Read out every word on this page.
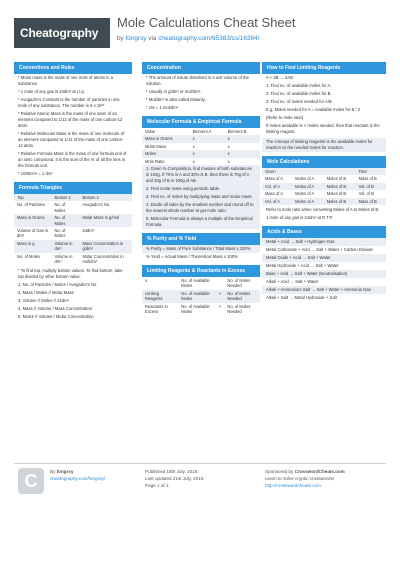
Cheatography
Mole Calculations Cheat Sheet
by fongrsy via cheatography.com/65383/cs/16384/
Conventions and Rules
* Molar mass is the mass of one mole of atoms in a substance.
* 1 mole of any gas is 24dm³ at r.t.p.
* Avogadro's Constant is the number of particles in one mole of any substance. The number is 6 x 10²³
* Relative Atomic Mass is the mass of one atom of an element compared to 1/12 of the mass of one carbon-12 atom.
* Relative Molecular Mass is the mass of one molecule of an element compared to 1/12 of the mass of one carbon-12 atom.
* Relative Formula Mass is the mass of one formula unit of an ionic compound. It is the sum of the Ar of all the ions in the formula unit.
* 1000cm³ = 1 dm³
Formula Triangles
Top	Bottom 1	Bottom 2
No. of Particles	No. of Moles	Avogadro's No.
Mass in Grams	No. of Moles	Molar Mass in g/mol
Volume of Gas in dm³	No. of Moles	24dm³
Mass in g	Volume in dm³	Mass Concentration in g/dm³
No. of Moles	Volume in dm³	Molar Concentration in mol/dm³
* To find top, multiply bottom values. To find bottom, take top divided by other bottom value.
1. No. of Particles / Moles / Avogadro's No.
2. Mass / Moles // Molar Mass
3. Volume // Moles // 24dm³
4. Mass // Volume / Mass Concentration
5. Moles // Volume / Molar Concentration
Concentration
* The amount of solute dissolved in a unit volume of the solution.
* Usually in g/dm³ or mol/dm³.
* Mol/dm³ is also called Molarity.
* 1M = 1 mol/dm³
Molecular Formula & Empirical Formula
Value	Element A	Element B
Mass in Grams	x	x
Molar Mass	x	x
Moles	x	x
Mole Ratio	x	x
1. Given % Composition, find masses of both substances in 100g. If 70% is A and 30% is B, then there is 70g of A and 30g of B in 100g of AB.
2. Find molar mass using periodic table.
3. Find no. of moles by multiplying mass and molar mass.
4. Divide all sides by the smallest number and round off to the nearest whole number to get mole ratio.
5. Molecular Formula is always a multiple of the Empirical Formula.
% Purity and % Yield
% Purity = Mass of Pure Substance / Total Mass x 100%
% Yield = Actual Mass / Theoretical Mass x 100%
Limiting Reagents & Reactants in Excess
x	No. of Available Moles		No. of Moles Needed
Limiting Reagents	No. of Available Moles	<	No. of Moles Needed
Reactants in Excess	No. of Available Moles	>	No. of Moles Needed
How to Find Limiting Reagents
A + 2B → 2AB
1. Find no. of available moles for A.
2. Find no. of available moles for B.
3. Find no. of moles needed for A/B.
E.g. Moles needed for A = Available moles for B / 2
(Refer to mole ratio)
If moles available is < moles needed, then that reactant is the limiting reagent.
The concept of limiting reagents is the available moles for reaction vs the needed moles for reaction.
Mole Calculations
Given			Find
Mass of A	Moles of A	Moles of B	Mass of B
Vol. of A	Moles of A	Moles of B	Vol. of B
Mass of A	Moles of A	Moles of B	Vol. of B
Vol. of A	Moles of A	Moles of B	Mass of B
Refer to mole ratio when converting Moles of A to Moles of B.
1 mole of any gas is 24dm³ at R.T.P.
Acids & Bases
Metal + Acid → Salt + Hydrogen Gas
Metal Carbonate + Acid → Salt + Water + Carbon Dioxide
Metal Oxide + Acid → Salt + Water
Metal Hydroxide + Acid → Salt + Water
Base + Acid → Salt + Water (Neutralisation)
Alkali + Acid → Salt + Water
Alkali + Ammonium Salt → Salt + Water + Ammonia Gas
Alkali + Salt → Metal Hydroxide + Salt
C	By fongrsy
cheatography.com/fongrsy/
Published 18th July, 2018.
Last updated 21st July, 2018.
Page 1 of 1.
Sponsored by CrosswordCheats.com
Learn to solve cryptic crosswords!
http://crosswordcheats.com
